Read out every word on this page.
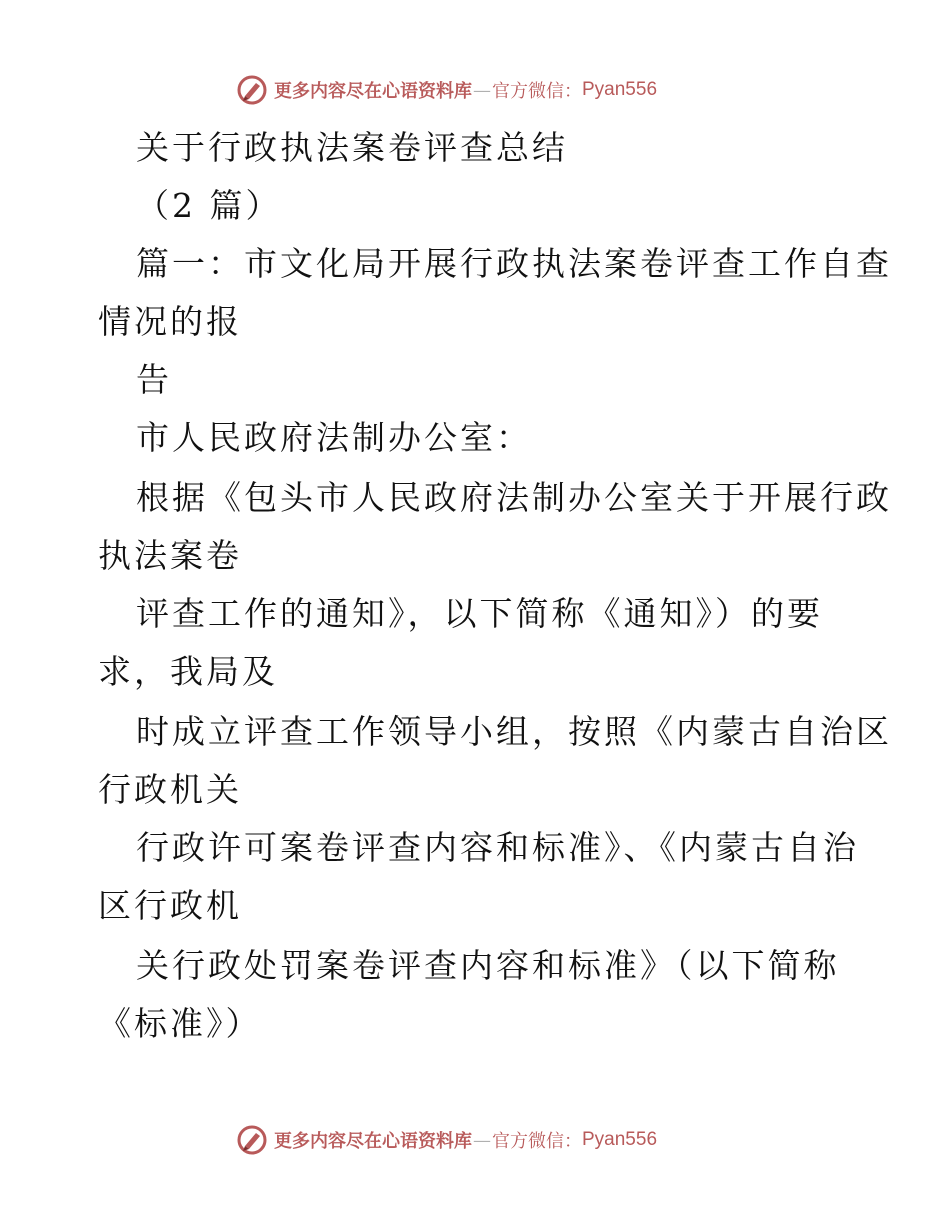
更多内容尽在心语资料库 — 官方微信： Pyan556
关于行政执法案卷评查总结
（2 篇）
篇一：市文化局开展行政执法案卷评查工作自查
情况的报
告
市人民政府法制办公室：
根据《包头市人民政府法制办公室关于开展行政
执法案卷
评查工作的通知》，以下简称《通知》）的要
求，我局及
时成立评查工作领导小组，按照《内蒙古自治区
行政机关
行政许可案卷评查内容和标准》、《内蒙古自治
区行政机
关行政处罚案卷评查内容和标准》（以下简称
《标准》）
更多内容尽在心语资料库 — 官方微信： Pyan556
